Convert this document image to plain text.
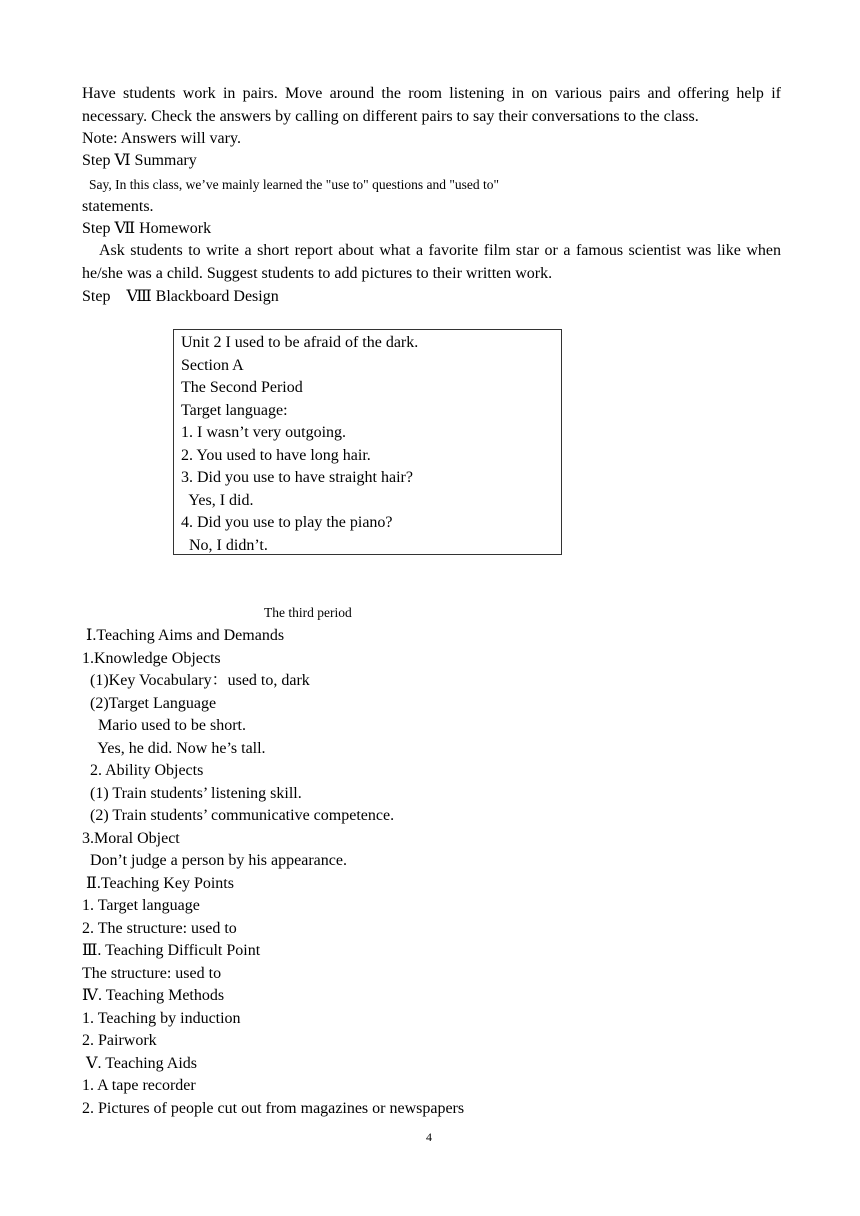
Have students work in pairs. Move around the room listening in on various pairs and offering help if necessary. Check the answers by calling on different pairs to say their conversations to the class.
Note: Answers will vary.
Step Ⅵ Summary
Say, In this class, we’ve mainly learned the "use to" questions and "used to"
statements.
Step Ⅶ Homework
Ask students to write a short report about what a favorite film star or a famous scientist was like when he/she was a child. Suggest students to add pictures to their written work.
Step    Ⅷ Blackboard Design
Unit 2 I used to be afraid of the dark.
Section A
The Second Period
Target language:
1. I wasn’t very outgoing.
2. You used to have long hair.
3. Did you use to have straight hair?
Yes, I did.
4. Did you use to play the piano?
No, I didn’t.
The third period
Ⅰ.Teaching Aims and Demands
1.Knowledge Objects
(1)Key Vocabulary：used to, dark
(2)Target Language
Mario used to be short.
Yes, he did. Now he’s tall.
2. Ability Objects
(1) Train students’ listening skill.
(2) Train students’ communicative competence.
3.Moral Object
Don’t judge a person by his appearance.
Ⅱ.Teaching Key Points
1. Target language
2. The structure: used to
Ⅲ. Teaching Difficult Point
The structure: used to
Ⅳ. Teaching Methods
1. Teaching by induction
2. Pairwork
Ⅴ. Teaching Aids
1. A tape recorder
2. Pictures of people cut out from magazines or newspapers
4
